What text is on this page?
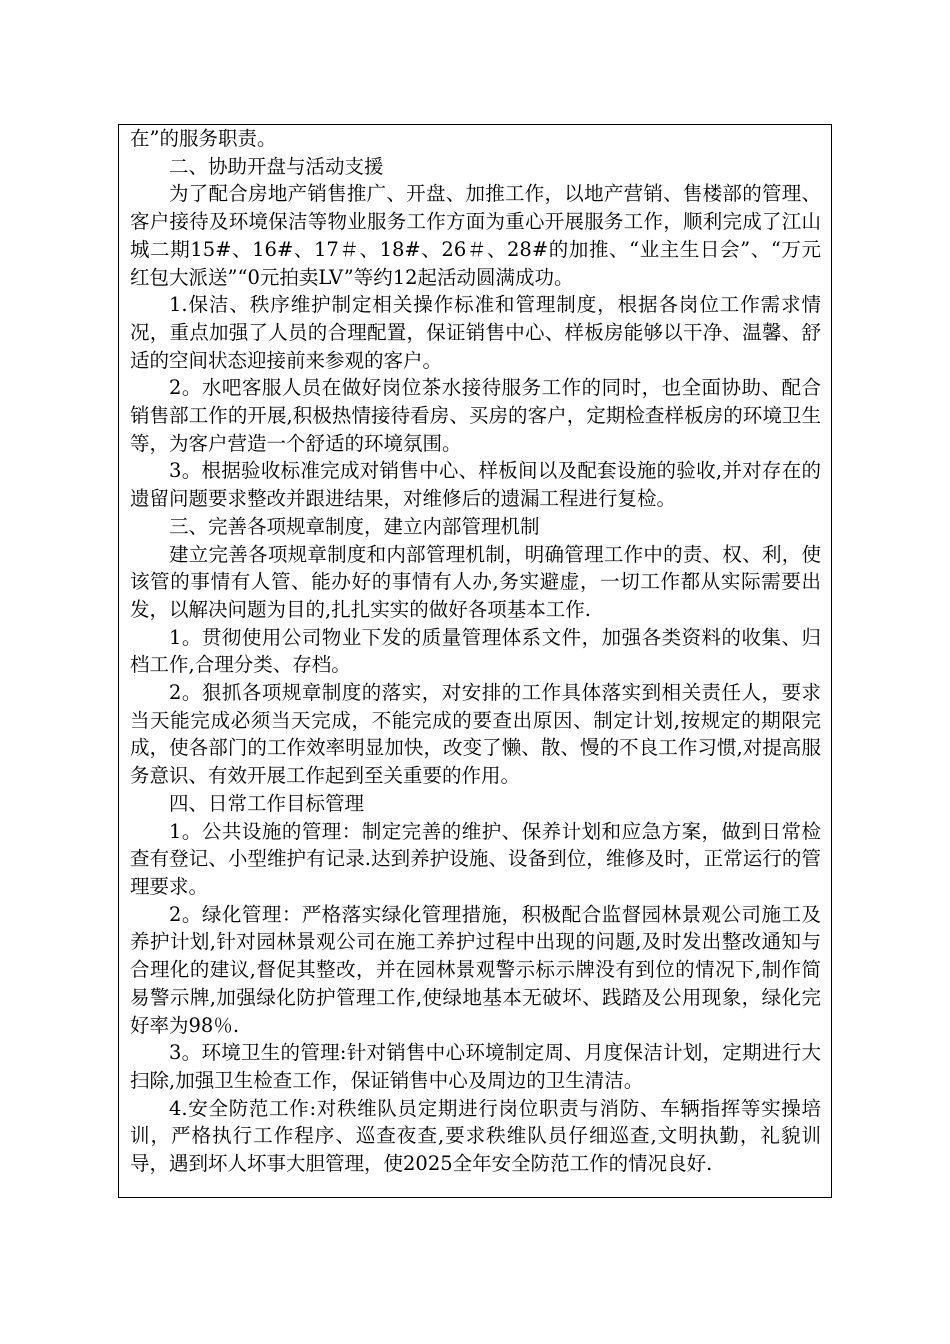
在”的服务职责。

二、协助开盘与活动支援

为了配合房地产销售推广、开盘、加推工作，以地产营销、售楼部的管理、客户接待及环境保洁等物业服务工作方面为重心开展服务工作，顺利完成了江山城二期15#、16#、17＃、18#、26＃、28#的加推、“业主生日会”、“万元红包大派送”“0元拍卖LV”等约12起活动圆满成功。

1.保洁、秩序维护制定相关操作标准和管理制度，根据各岗位工作需求情况，重点加强了人员的合理配置，保证销售中心、样板房能够以干净、温馨、舒适的空间状态迎接前来参观的客户。

2。水吧客服人员在做好岗位茶水接待服务工作的同时，也全面协助、配合销售部工作的开展,积极热情接待看房、买房的客户，定期检查样板房的环境卫生等，为客户营造一个舒适的环境氛围。

3。根据验收标准完成对销售中心、样板间以及配套设施的验收,并对存在的遗留问题要求整改并跟进结果，对维修后的遗漏工程进行复检。

三、完善各项规章制度，建立内部管理机制

建立完善各项规章制度和内部管理机制，明确管理工作中的责、权、利，使该管的事情有人管、能办好的事情有人办,务实避虚，一切工作都从实际需要出发，以解决问题为目的,扎扎实实的做好各项基本工作.

1。贯彻使用公司物业下发的质量管理体系文件，加强各类资料的收集、归档工作,合理分类、存档。

2。狠抓各项规章制度的落实，对安排的工作具体落实到相关责任人，要求当天能完成必须当天完成，不能完成的要查出原因、制定计划,按规定的期限完成，使各部门的工作效率明显加快，改变了懒、散、慢的不良工作习惯,对提高服务意识、有效开展工作起到至关重要的作用。

四、日常工作目标管理

1。公共设施的管理：制定完善的维护、保养计划和应急方案，做到日常检查有登记、小型维护有记录.达到养护设施、设备到位，维修及时，正常运行的管理要求。

2。绿化管理：严格落实绿化管理措施，积极配合监督园林景观公司施工及养护计划,针对园林景观公司在施工养护过程中出现的问题,及时发出整改通知与合理化的建议,督促其整改，并在园林景观警示标示牌没有到位的情况下,制作简易警示牌,加强绿化防护管理工作,使绿地基本无破坏、践踏及公用现象，绿化完好率为98％.

3。环境卫生的管理:针对销售中心环境制定周、月度保洁计划，定期进行大扫除,加强卫生检查工作，保证销售中心及周边的卫生清洁。

4.安全防范工作:对秩维队员定期进行岗位职责与消防、车辆指挥等实操培训，严格执行工作程序、巡查夜查,要求秩维队员仔细巡查,文明执勤，礼貌训导，遇到坏人坏事大胆管理，使2025全年安全防范工作的情况良好.
